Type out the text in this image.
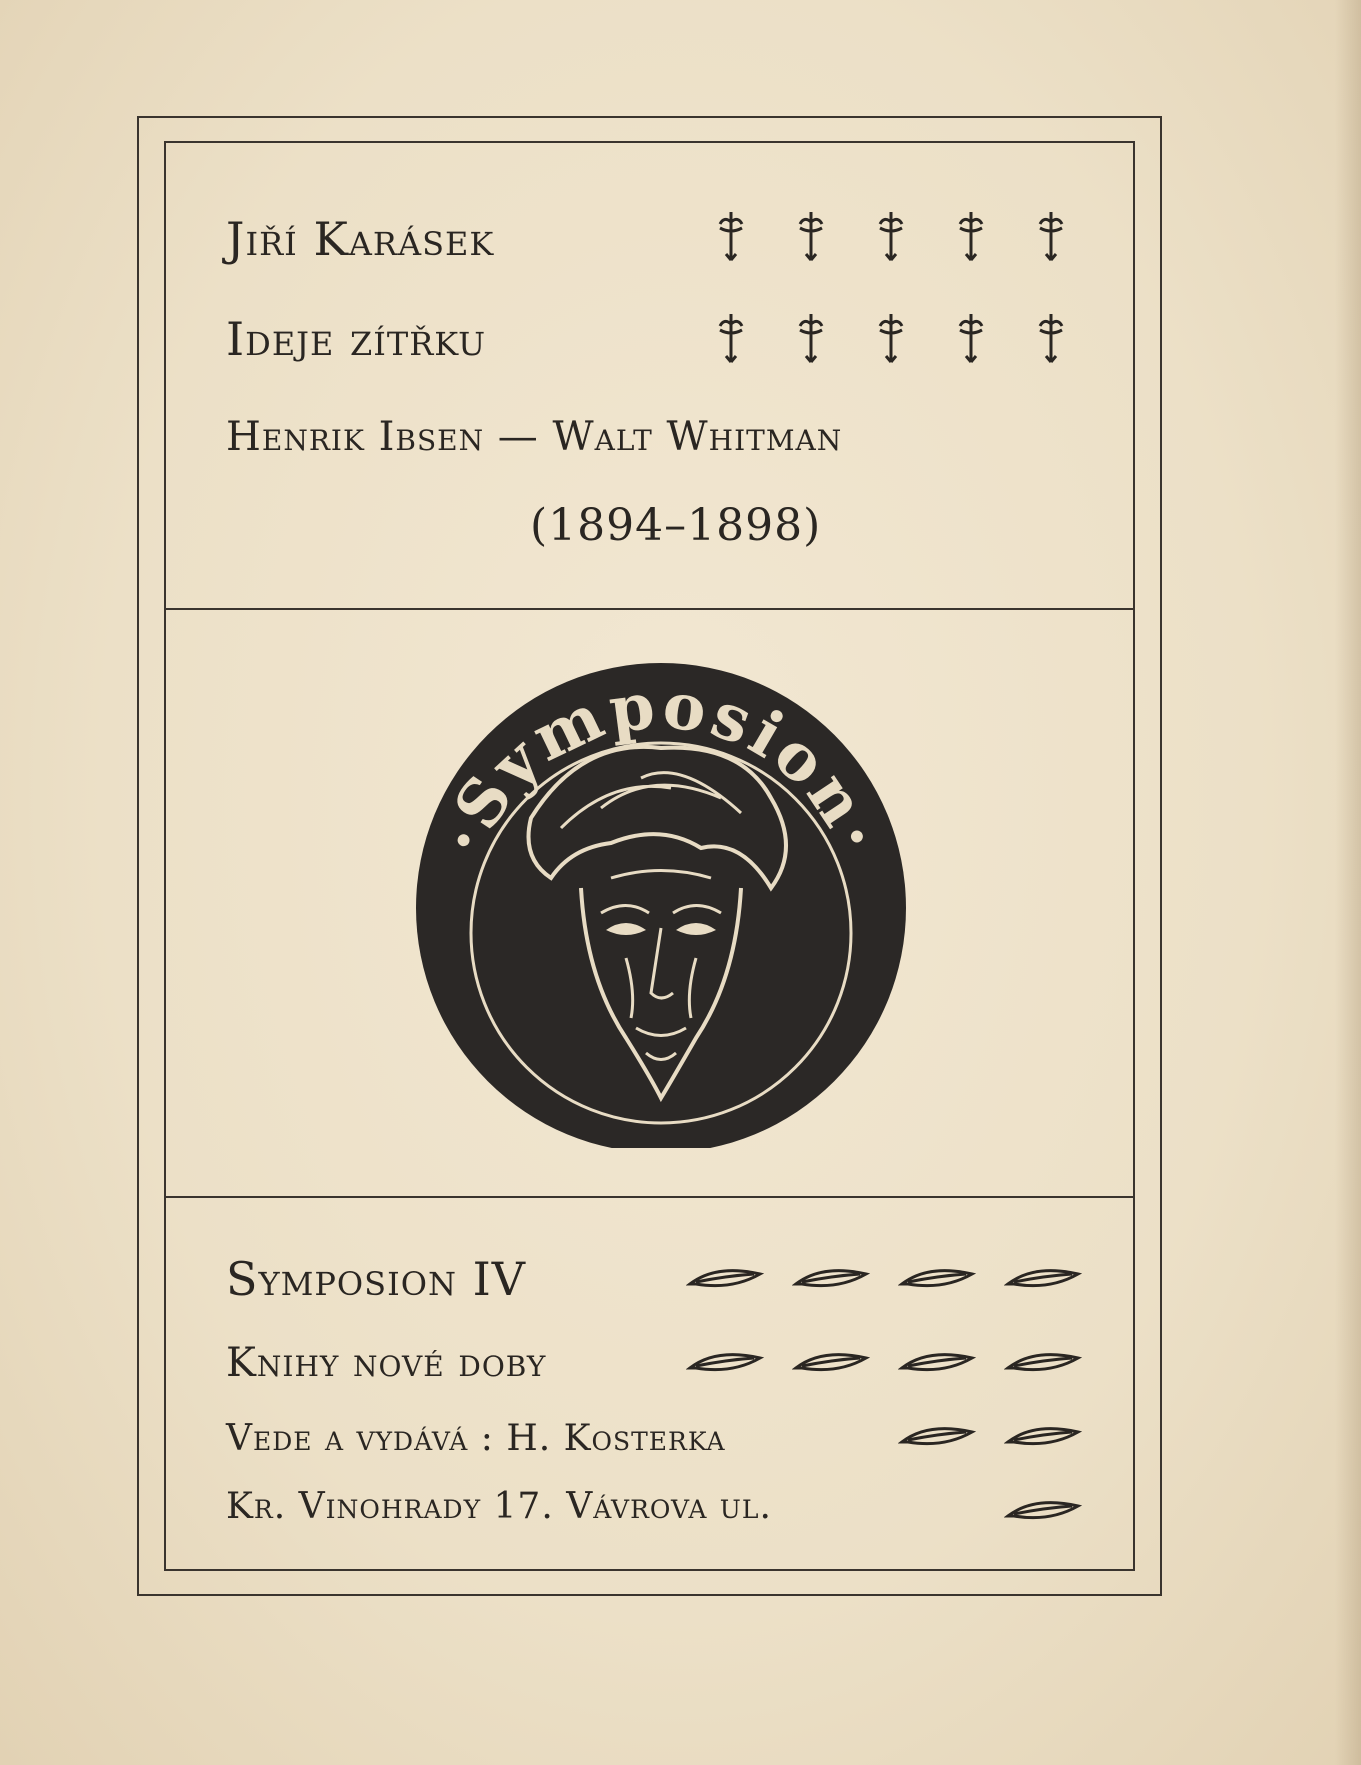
Jiří Karásek
Ideje zítřku
Henrik Ibsen — Walt Whitman
(1894–1898)
·Symposion·
Symposion IV
Knihy nové doby
Vede a vydává : H. Kosterka
Kr. Vinohrady 17. Vávrova ul.
